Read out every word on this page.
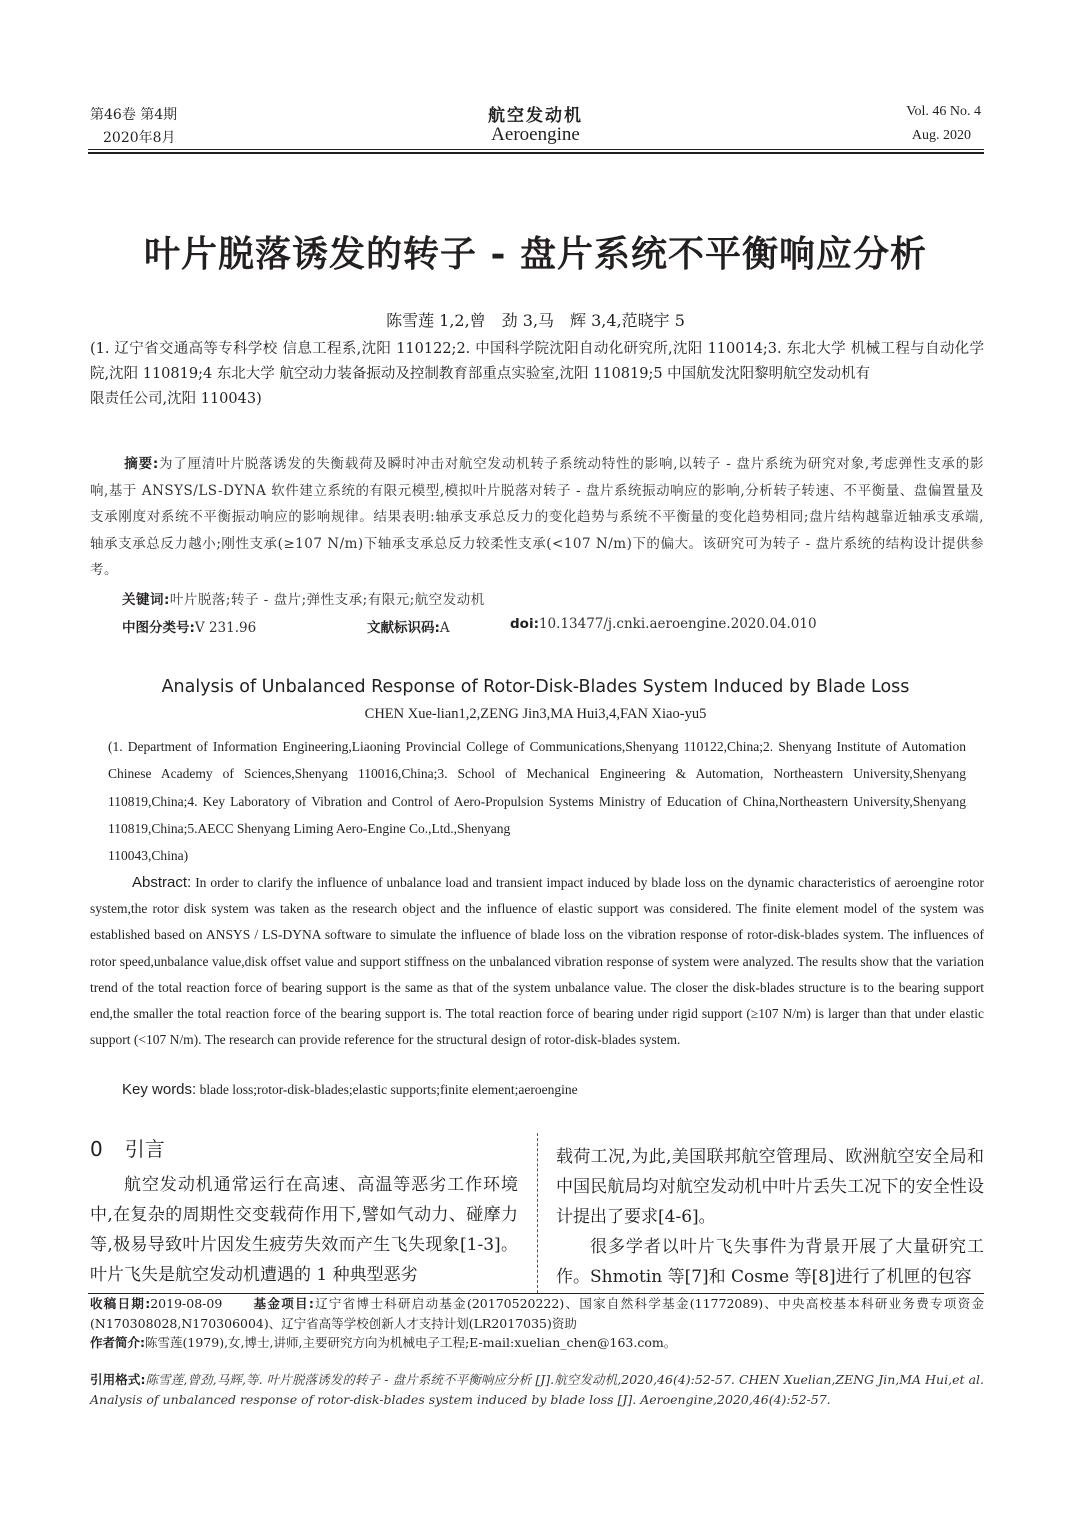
第46卷 第4期
2020年8月
航空发动机
Aeroengine
Vol. 46 No. 4
Aug. 2020
叶片脱落诱发的转子 - 盘片系统不平衡响应分析
陈雪莲 1,2,曾　劲 3,马　辉 3,4,范晓宇 5
(1. 辽宁省交通高等专科学校 信息工程系,沈阳 110122;2. 中国科学院沈阳自动化研究所,沈阳 110014;3. 东北大学 机械工程与自动化学院,沈阳 110819;4 东北大学 航空动力装备振动及控制教育部重点实验室,沈阳 110819;5 中国航发沈阳黎明航空发动机有
限责任公司,沈阳 110043)
摘要:为了厘清叶片脱落诱发的失衡载荷及瞬时冲击对航空发动机转子系统动特性的影响,以转子 - 盘片系统为研究对象,考虑弹性支承的影响,基于 ANSYS/LS-DYNA 软件建立系统的有限元模型,模拟叶片脱落对转子 - 盘片系统振动响应的影响,分析转子转速、不平衡量、盘偏置量及支承刚度对系统不平衡振动响应的影响规律。结果表明:轴承支承总反力的变化趋势与系统不平衡量的变化趋势相同;盘片结构越靠近轴承支承端,轴承支承总反力越小;刚性支承(≥107 N/m)下轴承支承总反力较柔性支承(<107 N/m)下的偏大。该研究可为转子 - 盘片系统的结构设计提供参考。
关键词:叶片脱落;转子 - 盘片;弹性支承;有限元;航空发动机
中图分类号:V 231.96	文献标识码:A	doi:10.13477/j.cnki.aeroengine.2020.04.010
Analysis of Unbalanced Response of Rotor-Disk-Blades System Induced by Blade Loss
CHEN Xue-lian1,2,ZENG Jin3,MA Hui3,4,FAN Xiao-yu5
(1. Department of Information Engineering,Liaoning Provincial College of Communications,Shenyang 110122,China;2. Shenyang Institute of Automation Chinese Academy of Sciences,Shenyang 110016,China;3. School of Mechanical Engineering & Automation, Northeastern University,Shenyang 110819,China;4. Key Laboratory of Vibration and Control of Aero-Propulsion Systems Ministry of Education of China,Northeastern University,Shenyang 110819,China;5.AECC Shenyang Liming Aero-Engine Co.,Ltd.,Shenyang
110043,China)
Abstract: In order to clarify the influence of unbalance load and transient impact induced by blade loss on the dynamic characteristics of aeroengine rotor system,the rotor disk system was taken as the research object and the influence of elastic support was considered. The finite element model of the system was established based on ANSYS / LS-DYNA software to simulate the influence of blade loss on the vibration response of rotor-disk-blades system. The influences of rotor speed,unbalance value,disk offset value and support stiffness on the unbalanced vibration response of system were analyzed. The results show that the variation trend of the total reaction force of bearing support is the same as that of the system unbalance value. The closer the disk-blades structure is to the bearing support end,the smaller the total reaction force of the bearing support is. The total reaction force of bearing under rigid support (≥107 N/m) is larger than that under elastic support (<107 N/m). The research can provide reference for the structural design of rotor-disk-blades system.
Key words: blade loss;rotor-disk-blades;elastic supports;finite element;aeroengine
0 引言
航空发动机通常运行在高速、高温等恶劣工作环境中,在复杂的周期性交变载荷作用下,譬如气动力、碰摩力等,极易导致叶片因发生疲劳失效而产生飞失现象[1-3]。叶片飞失是航空发动机遭遇的 1 种典型恶劣

载荷工况,为此,美国联邦航空管理局、欧洲航空安全局和中国民航局均对航空发动机中叶片丢失工况下的安全性设计提出了要求[4-6]。

很多学者以叶片飞失事件为背景开展了大量研究工作。Shmotin 等[7]和 Cosme 等[8]进行了机匣的包容

收稿日期:2019-08-09 基金项目:辽宁省博士科研启动基金(20170520222)、国家自然科学基金(11772089)、中央高校基本科研业务费专项资金(N170308028,N170306004)、辽宁省高等学校创新人才支持计划(LR2017035)资助
作者简介:陈雪莲(1979),女,博士,讲师,主要研究方向为机械电子工程;E-mail:xuelian_chen@163.com。
引用格式:陈雪莲,曾劲,马辉,等. 叶片脱落诱发的转子 - 盘片系统不平衡响应分析 [J].航空发动机,2020,46(4):52-57. CHEN Xuelian,ZENG Jin,MA Hui,et al. Analysis of unbalanced response of rotor-disk-blades system induced by blade loss [J]. Aeroengine,2020,46(4):52-57.
